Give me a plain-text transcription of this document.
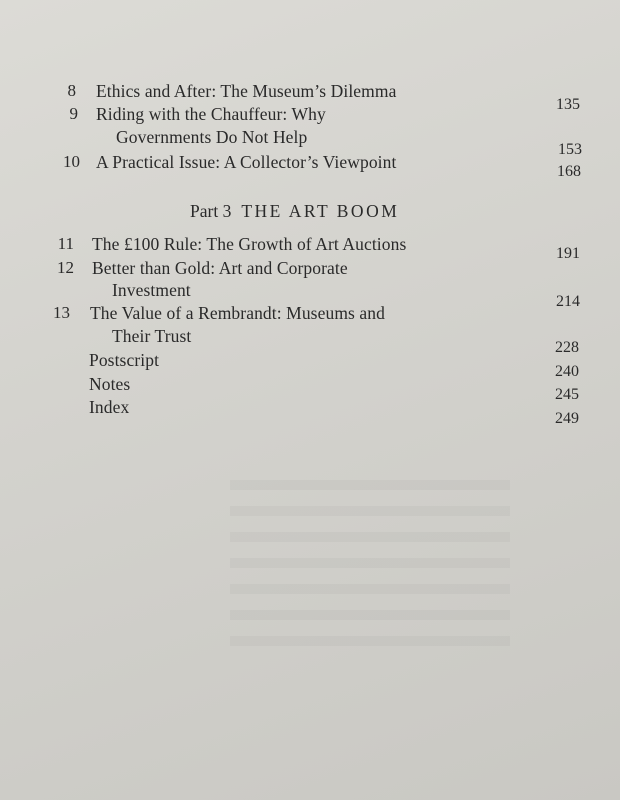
8 Ethics and After: The Museum’s Dilemma
135
9 Riding with the Chauffeur: Why
Governments Do Not Help
153
10 A Practical Issue: A Collector’s Viewpoint	168
Part 3 THE ART BOOM
11 The £100 Rule: The Growth of Art Auctions	191
12 Better than Gold: Art and Corporate
Investment
214
13 The Value of a Rembrandt: Museums and
Their Trust
228
Postscript
240
Notes
245
Index
249
